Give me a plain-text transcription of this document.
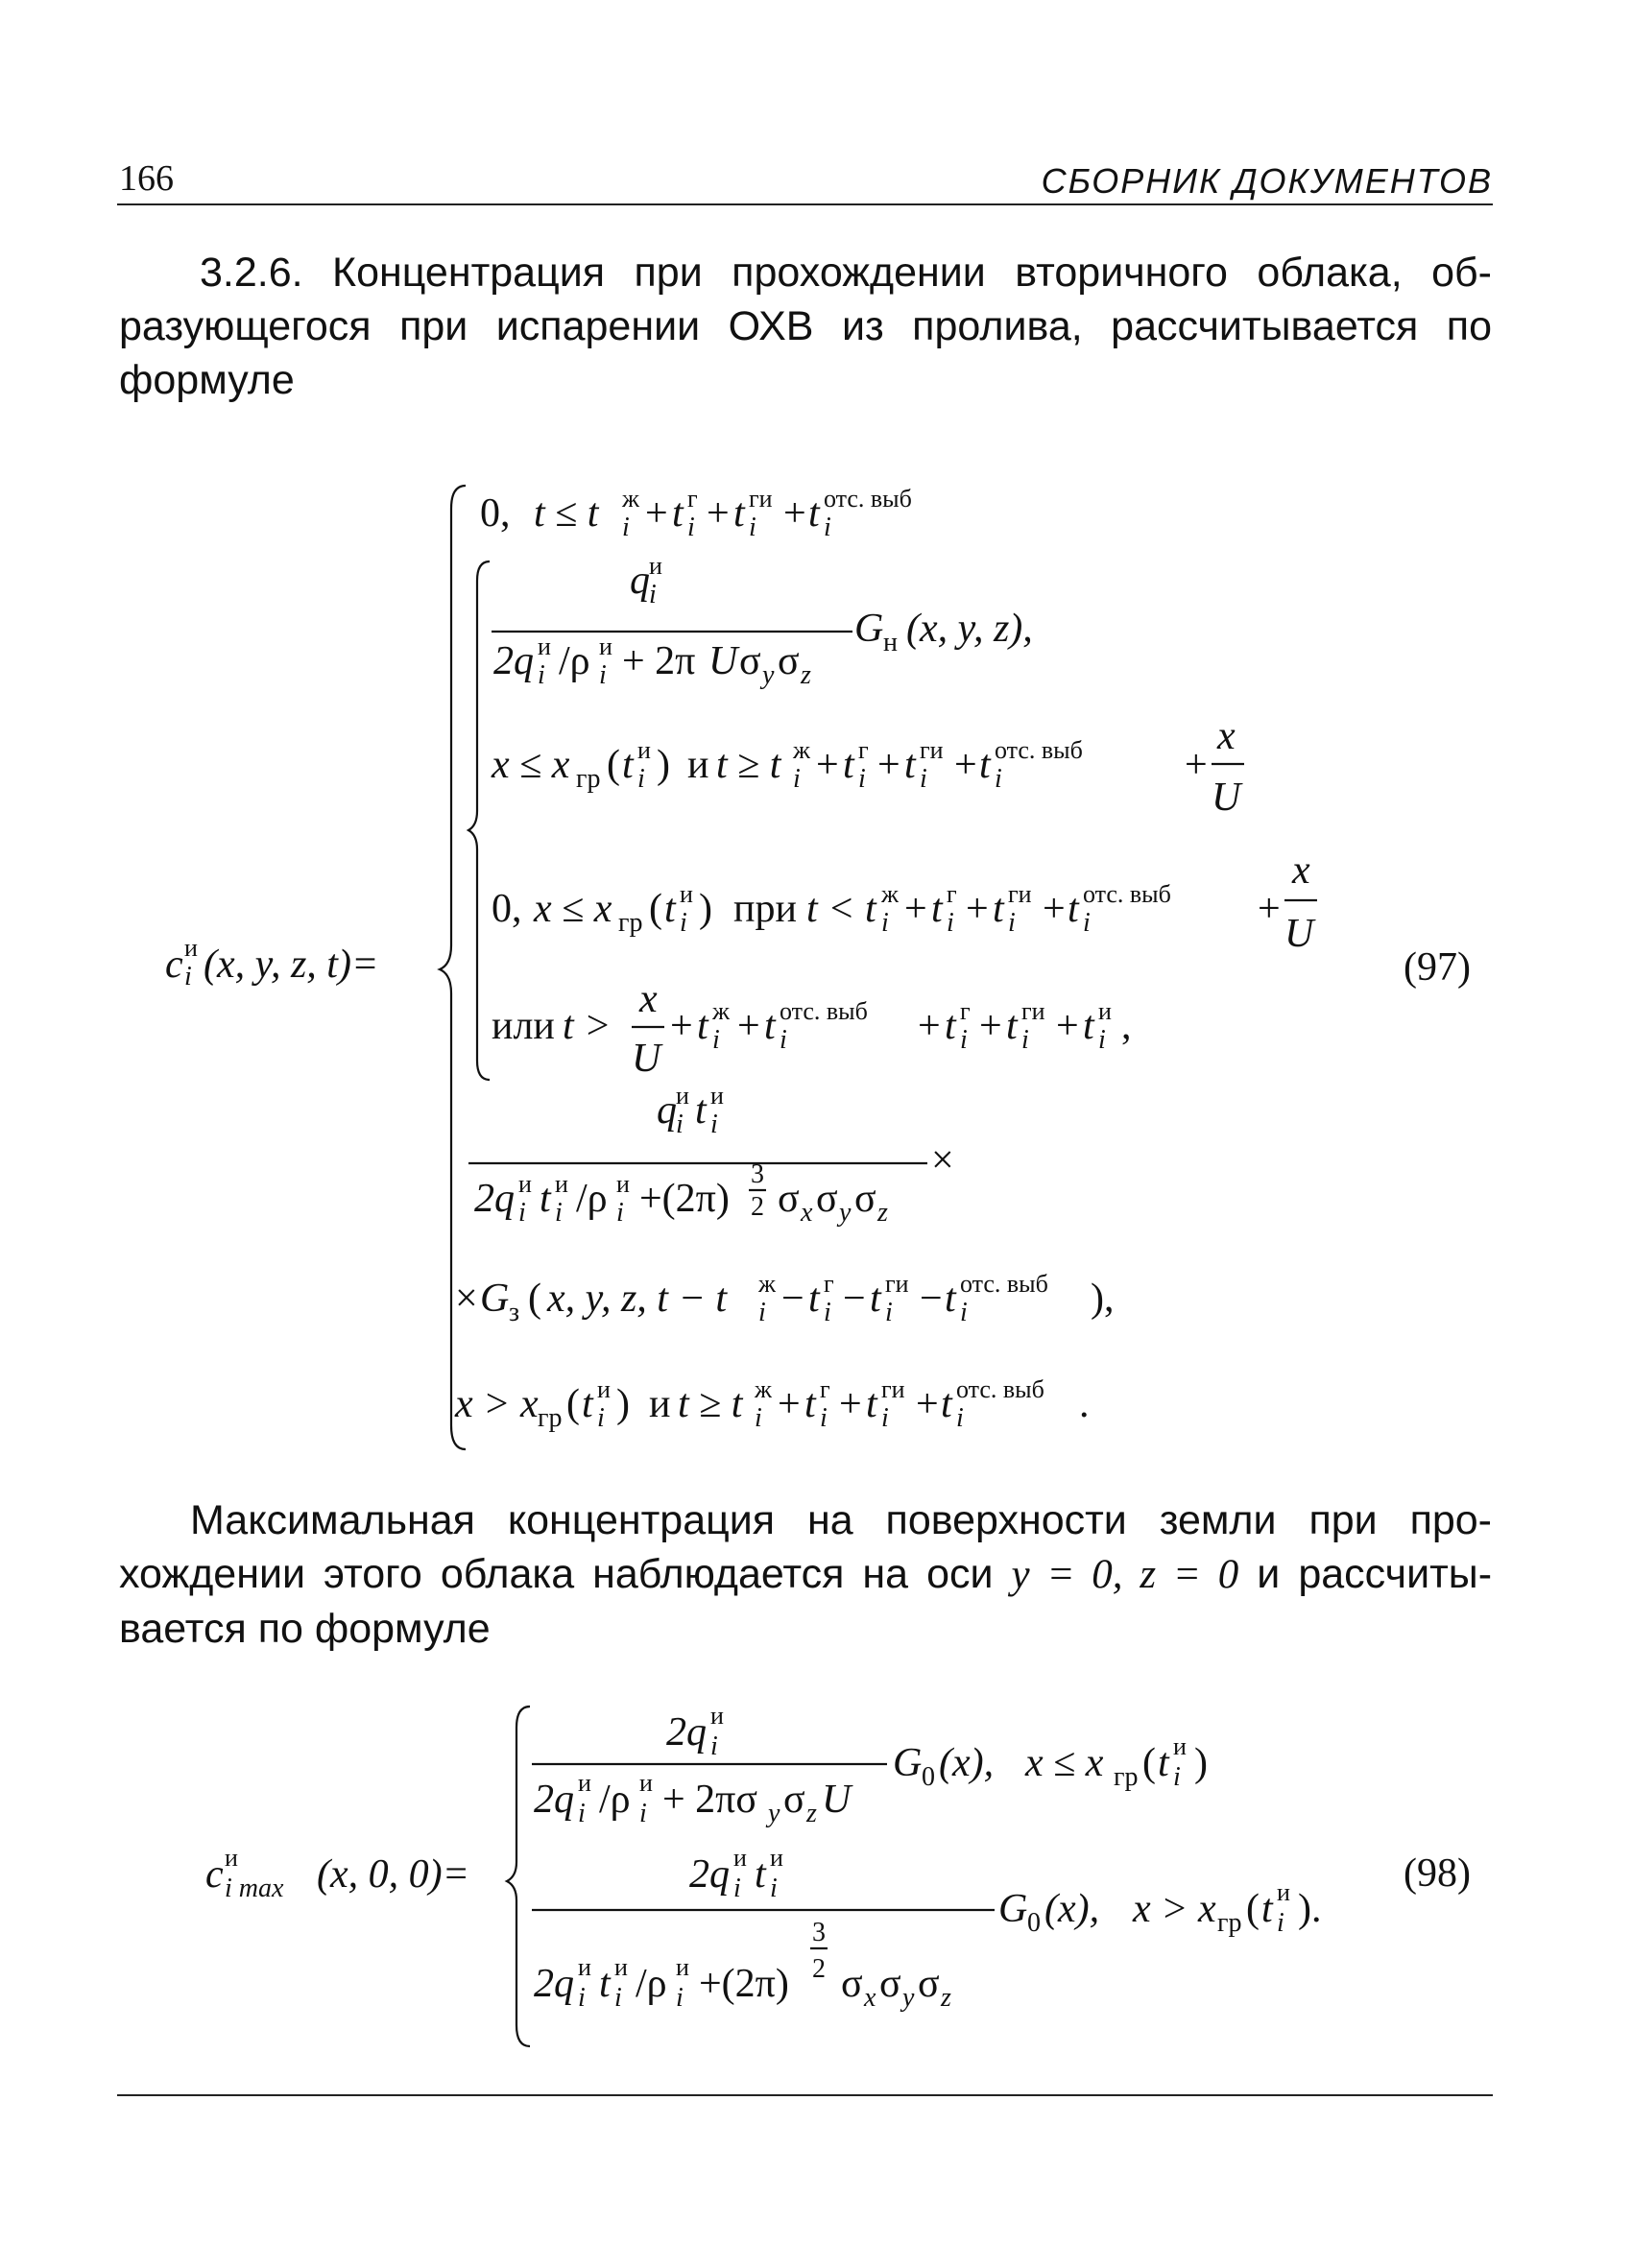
166	СБОРНИК ДОКУМЕНТОВ
3.2.6. Концентрация при прохождении вторичного облака, об-
разующегося при испарении ОХВ из пролива, рассчитывается по
формуле
c и
i (x, y, z, t)=
0, t ≤ t ж
i + t г
i + t ги
i + t отс. выб
i
q и
i
2q и
i /ρ и
i + 2π U σ y σ z
G н (x, y, z),
x ≤ x гр ( t и
i ) и t ≥ t ж
i + t г
i + t ги
i + t отс. выб
i	+
x
U
0, x ≤ x гр ( t и
i ) при t < t ж
i + t г
i + t ги
i + t отс. выб
i	+
x
U
или t >
x
U
+ t ж
i + t отс. выб
i	+ t г
i + t ги
i + t и
i ,
q и
i t и
i
×
2q и
i t и
i /ρ и
i +(2π)
3
2 σ x σ y σ z
× G з ( x, y, z, t − t ж
i − t г
i − t ги
i − t отс. выб
i	),
x > x гр ( t и
i ) и t ≥ t ж
i + t г
i + t ги
i + t отс. выб
i	.
(97)
Максимальная концентрация на поверхности земли при про-
хождении этого облака наблюдается на оси y = 0, z = 0 и рассчиты-
вается по формуле
c и
i max (x, 0, 0)=
2q и
i
2q и
i /ρ и
i + 2πσ y σ z U
G 0 (x), x ≤ x гр ( t и
i )
2q и
i t и
i
2q и
i t и
i /ρ и
i +(2π)
3
2 σ x σ y σ z
G 0 (x), x > x гр ( t и
i ).
(98)
